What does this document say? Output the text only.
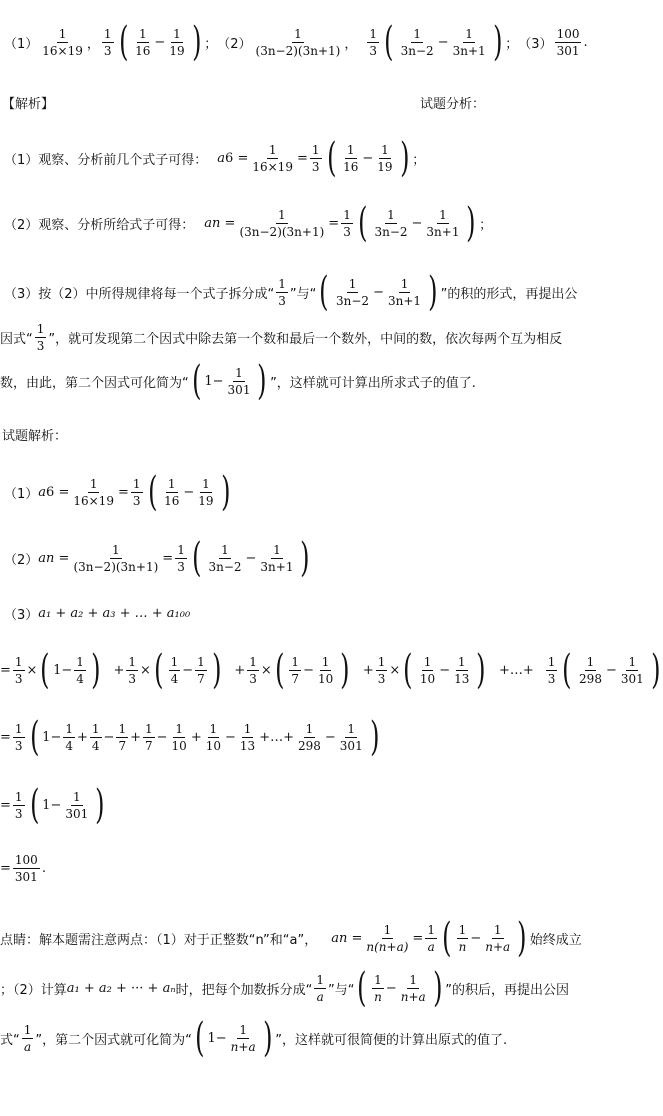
$(1) \frac{1}{16\times 19}$ ， $\frac{1}{3}$ ( $\frac{1}{16} - \frac{1}{19}$ ) ； $(2) \frac{1}{(3n-2)(3n+1)}$ ， $\frac{1}{3}$ ( $\frac{1}{3n-2} - \frac{1}{3n+1}$ ) ； $(3) \frac{100}{301}$ .
【解析】	试题分析：
（1）观察、分析前几个式子可得： a $6 = \frac{1}{16\times 19} = \frac{1}{3}$ ( $\frac{1}{16} - \frac{1}{19}$ ) ；
（2）观察、分析所给式子可得： a $n = \frac{1}{(3n-2)(3n+1)} = \frac{1}{3}$ ( $\frac{1}{3n-2} - \frac{1}{3n+1}$ ) ；
（3）按（2）中所得规律将每一个式子拆分成“ $\frac{1}{3}$ ”与“ ( $\frac{1}{3n-2} - \frac{1}{3n+1}$ ) ”的积的形式，再提出公
因式“ $\frac{1}{3}$ ”，就可发现第二个因式中除去第一个数和最后一个数外，中间的数，依次每两个互为相反
数，由此，第二个因式可化简为“ ( $1 - \frac{1}{301}$ ) ”，这样就可计算出所求式子的值了.
试题解析：
（1） a $6 = \frac{1}{16\times 19} = \frac{1}{3}$ ( $\frac{1}{16} - \frac{1}{19}$ )
（2） a $n = \frac{1}{(3n-2)(3n+1)} = \frac{1}{3}$ ( $\frac{1}{3n-2} - \frac{1}{3n+1}$ )
（3） a₁ + a₂ + a₃ + … + a₁₀₀
= $\frac{1}{3}$ × ( $1 - \frac{1}{4}$ ) + $\frac{1}{3}$ × ( $\frac{1}{4} - \frac{1}{7}$ ) + $\frac{1}{3}$ × ( $\frac{1}{7} - \frac{1}{10}$ ) + $\frac{1}{3}$ × ( $\frac{1}{10} - \frac{1}{13}$ ) +…+ $\frac{1}{3}$ ( $\frac{1}{298} - \frac{1}{301}$ )
= $\frac{1}{3}$ ( $1 - \frac{1}{4} + \frac{1}{4} - \frac{1}{7} + \frac{1}{7} - \frac{1}{10} + \frac{1}{10} - \frac{1}{13}$ +…+ $\frac{1}{298} - \frac{1}{301}$ )
= $\frac{1}{3}$ ( $1 - \frac{1}{301}$ )
= $\frac{100}{301}$ .
点睛：解本题需注意两点：（1）对于正整数“n”和“a”， a $n = \frac{1}{n(n+a)} = \frac{1}{a}$ ( $\frac{1}{n} - \frac{1}{n+a}$ ) 始终成立
；（2）计算 a₁ + a₂ + ··· + aₙ 时，把每个加数拆分成“ $\frac{1}{a}$ ”与“ ( $\frac{1}{n} - \frac{1}{n+a}$ ) ”的积后，再提出公因
式“ $\frac{1}{a}$ ”，第二个因式就可化简为“ ( $1 - \frac{1}{n+a}$ ) ”，这样就可很简便的计算出原式的值了.
